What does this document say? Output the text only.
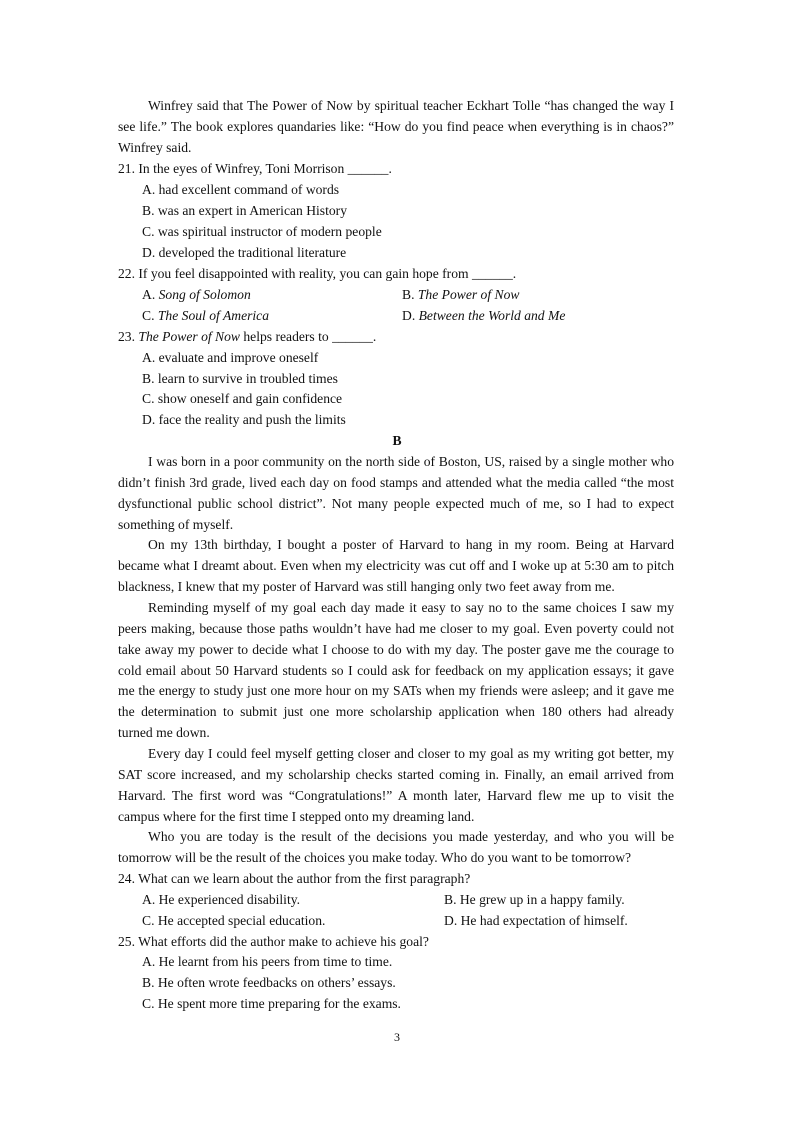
Winfrey said that The Power of Now by spiritual teacher Eckhart Tolle “has changed the way I
see life.” The book explores quandaries like: “How do you find peace when everything is in chaos?”
Winfrey said.
21. In the eyes of Winfrey, Toni Morrison ______.
A. had excellent command of words
B. was an expert in American History
C. was spiritual instructor of modern people
D. developed the traditional literature
22. If you feel disappointed with reality, you can gain hope from ______.
A. Song of Solomon	B. The Power of Now
C. The Soul of America	D. Between the World and Me
23. The Power of Now helps readers to ______.
A. evaluate and improve oneself
B. learn to survive in troubled times
C. show oneself and gain confidence
D. face the reality and push the limits
B
I was born in a poor community on the north side of Boston, US, raised by a single mother who
didn’t finish 3rd grade, lived each day on food stamps and attended what the media called “the most
dysfunctional public school district”. Not many people expected much of me, so I had to expect
something of myself.
On my 13th birthday, I bought a poster of Harvard to hang in my room. Being at Harvard
became what I dreamt about. Even when my electricity was cut off and I woke up at 5:30 am to pitch
blackness, I knew that my poster of Harvard was still hanging only two feet away from me.
Reminding myself of my goal each day made it easy to say no to the same choices I saw my
peers making, because those paths wouldn’t have had me closer to my goal. Even poverty could not
take away my power to decide what I choose to do with my day. The poster gave me the courage to
cold email about 50 Harvard students so I could ask for feedback on my application essays; it gave
me the energy to study just one more hour on my SATs when my friends were asleep; and it gave me
the determination to submit just one more scholarship application when 180 others had already
turned me down.
Every day I could feel myself getting closer and closer to my goal as my writing got better, my
SAT score increased, and my scholarship checks started coming in. Finally, an email arrived from
Harvard. The first word was “Congratulations!” A month later, Harvard flew me up to visit the
campus where for the first time I stepped onto my dreaming land.
Who you are today is the result of the decisions you made yesterday, and who you will be
tomorrow will be the result of the choices you make today. Who do you want to be tomorrow?
24. What can we learn about the author from the first paragraph?
A. He experienced disability.	B. He grew up in a happy family.
C. He accepted special education.	D. He had expectation of himself.
25. What efforts did the author make to achieve his goal?
A. He learnt from his peers from time to time.
B. He often wrote feedbacks on others’ essays.
C. He spent more time preparing for the exams.
3
